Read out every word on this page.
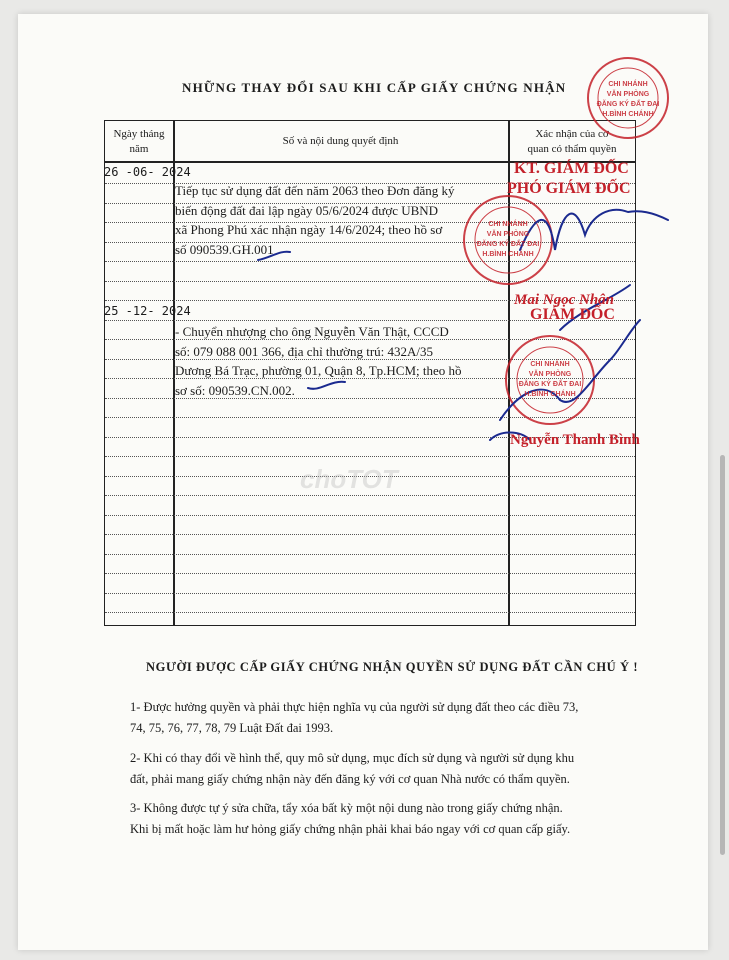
NHỮNG THAY ĐỔI SAU KHI CẤP GIẤY CHỨNG NHẬN
Ngày tháng
năm
Số và nội dung quyết định
Xác nhận của cơ
quan có thẩm quyền
26 -06- 2024

Tiếp tục sử dụng đất đến năm 2063 theo Đơn đăng ký

biến động đất đai lập ngày 05/6/2024 được UBND

xã Phong Phú xác nhận ngày 14/6/2024; theo hồ sơ

số 090539.GH.001

25 -12- 2024

- Chuyển nhượng cho ông Nguyễn Văn Thật, CCCD

số: 079 088 001 366, địa chỉ thường trú: 432A/35

Dương Bá Trạc, phường 01, Quận 8, Tp.HCM; theo hồ

sơ số: 090539.CN.002.

CHI NHÁNH
VĂN PHÒNG
ĐĂNG KÝ ĐẤT ĐAI
H.BÌNH CHÁNH
CHI NHÁNH
VĂN PHÒNG
ĐĂNG KÝ ĐẤT ĐAI
H.BÌNH CHÁNH
CHI NHÁNH
VĂN PHÒNG
ĐĂNG KÝ ĐẤT ĐAI
H.BÌNH CHÁNH
KT. GIÁM ĐỐC
PHÓ GIÁM ĐỐC
Mai Ngọc Nhân
GIÁM ĐỐC
Nguyễn Thanh Bình
choTOT
NGƯỜI ĐƯỢC CẤP GIẤY CHỨNG NHẬN QUYỀN SỬ DỤNG ĐẤT CẦN CHÚ Ý !

1- Được hưởng quyền và phải thực hiện nghĩa vụ của người sử dụng đất theo các điều 73,

74, 75, 76, 77, 78, 79 Luật Đất đai 1993.

2- Khi có thay đổi về hình thể, quy mô sử dụng, mục đích sử dụng và người sử dụng khu

đất, phải mang giấy chứng nhận này đến đăng ký với cơ quan Nhà nước có thẩm quyền.

3- Không được tự ý sửa chữa, tẩy xóa bất kỳ một nội dung nào trong giấy chứng nhận.

Khi bị mất hoặc làm hư hỏng giấy chứng nhận phải khai báo ngay với cơ quan cấp giấy.
